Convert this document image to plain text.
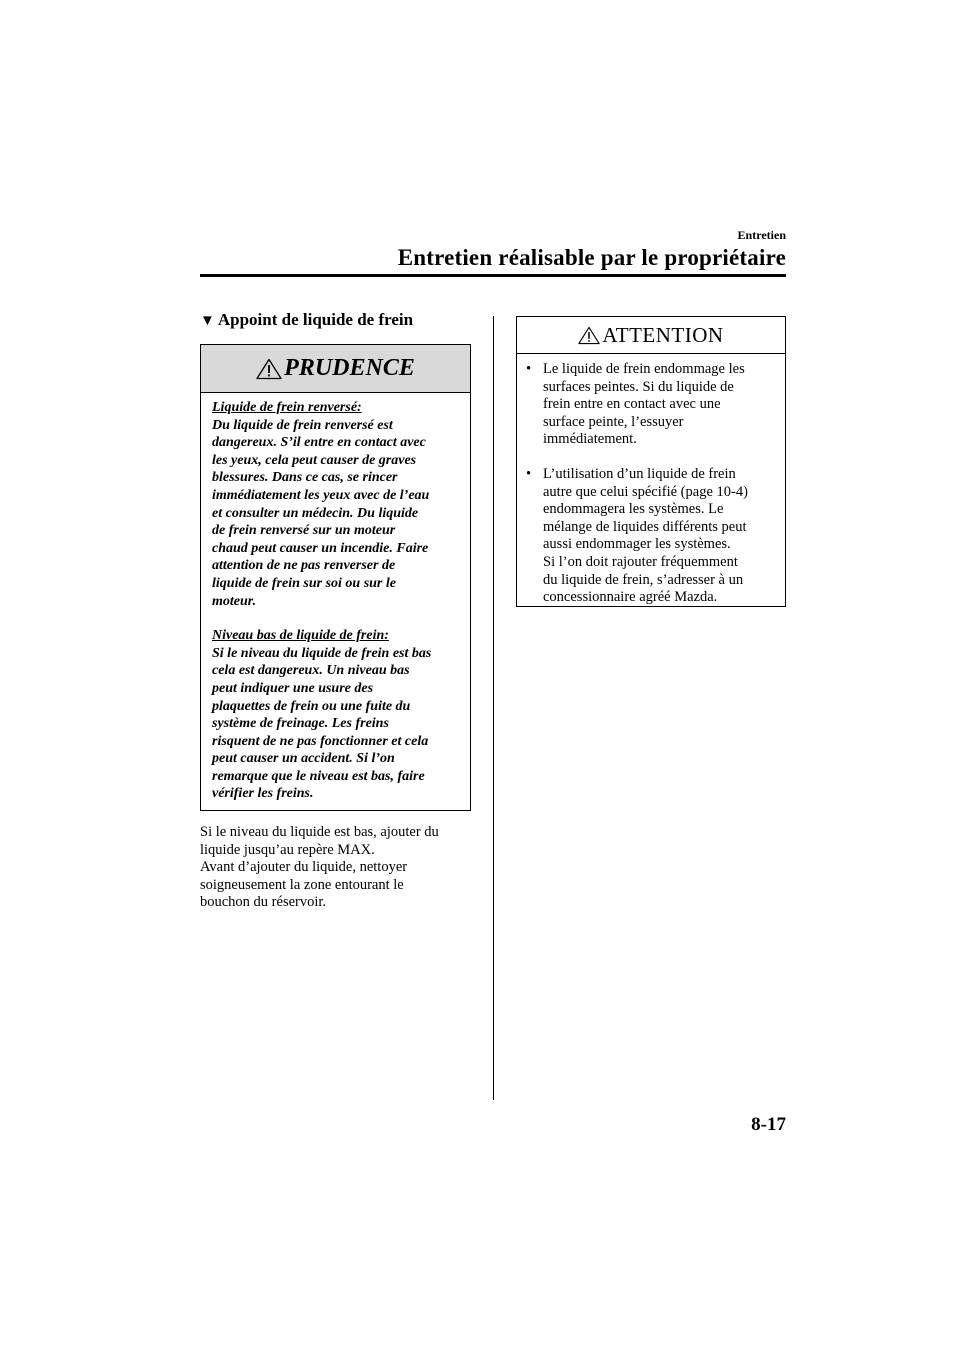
Entretien
Entretien réalisable par le propriétaire
▼ Appoint de liquide de frein
PRUDENCE

Liquide de frein renversé:

Du liquide de frein renversé est

dangereux. S’il entre en contact avec

les yeux, cela peut causer de graves

blessures. Dans ce cas, se rincer

immédiatement les yeux avec de l’eau

et consulter un médecin. Du liquide

de frein renversé sur un moteur

chaud peut causer un incendie. Faire

attention de ne pas renverser de

liquide de frein sur soi ou sur le

moteur.

Niveau bas de liquide de frein:

Si le niveau du liquide de frein est bas

cela est dangereux. Un niveau bas

peut indiquer une usure des

plaquettes de frein ou une fuite du

système de freinage. Les freins

risquent de ne pas fonctionner et cela

peut causer un accident. Si l’on

remarque que le niveau est bas, faire

vérifier les freins.

Si le niveau du liquide est bas, ajouter du

liquide jusqu’au repère MAX.

Avant d’ajouter du liquide, nettoyer

soigneusement la zone entourant le

bouchon du réservoir.

ATTENTION
• Le liquide de frein endommage les

surfaces peintes. Si du liquide de

frein entre en contact avec une

surface peinte, l’essuyer

immédiatement.

• L’utilisation d’un liquide de frein

autre que celui spécifié (page 10-4)

endommagera les systèmes. Le

mélange de liquides différents peut

aussi endommager les systèmes.

Si l’on doit rajouter fréquemment

du liquide de frein, s’adresser à un

concessionnaire agréé Mazda.

8-17
